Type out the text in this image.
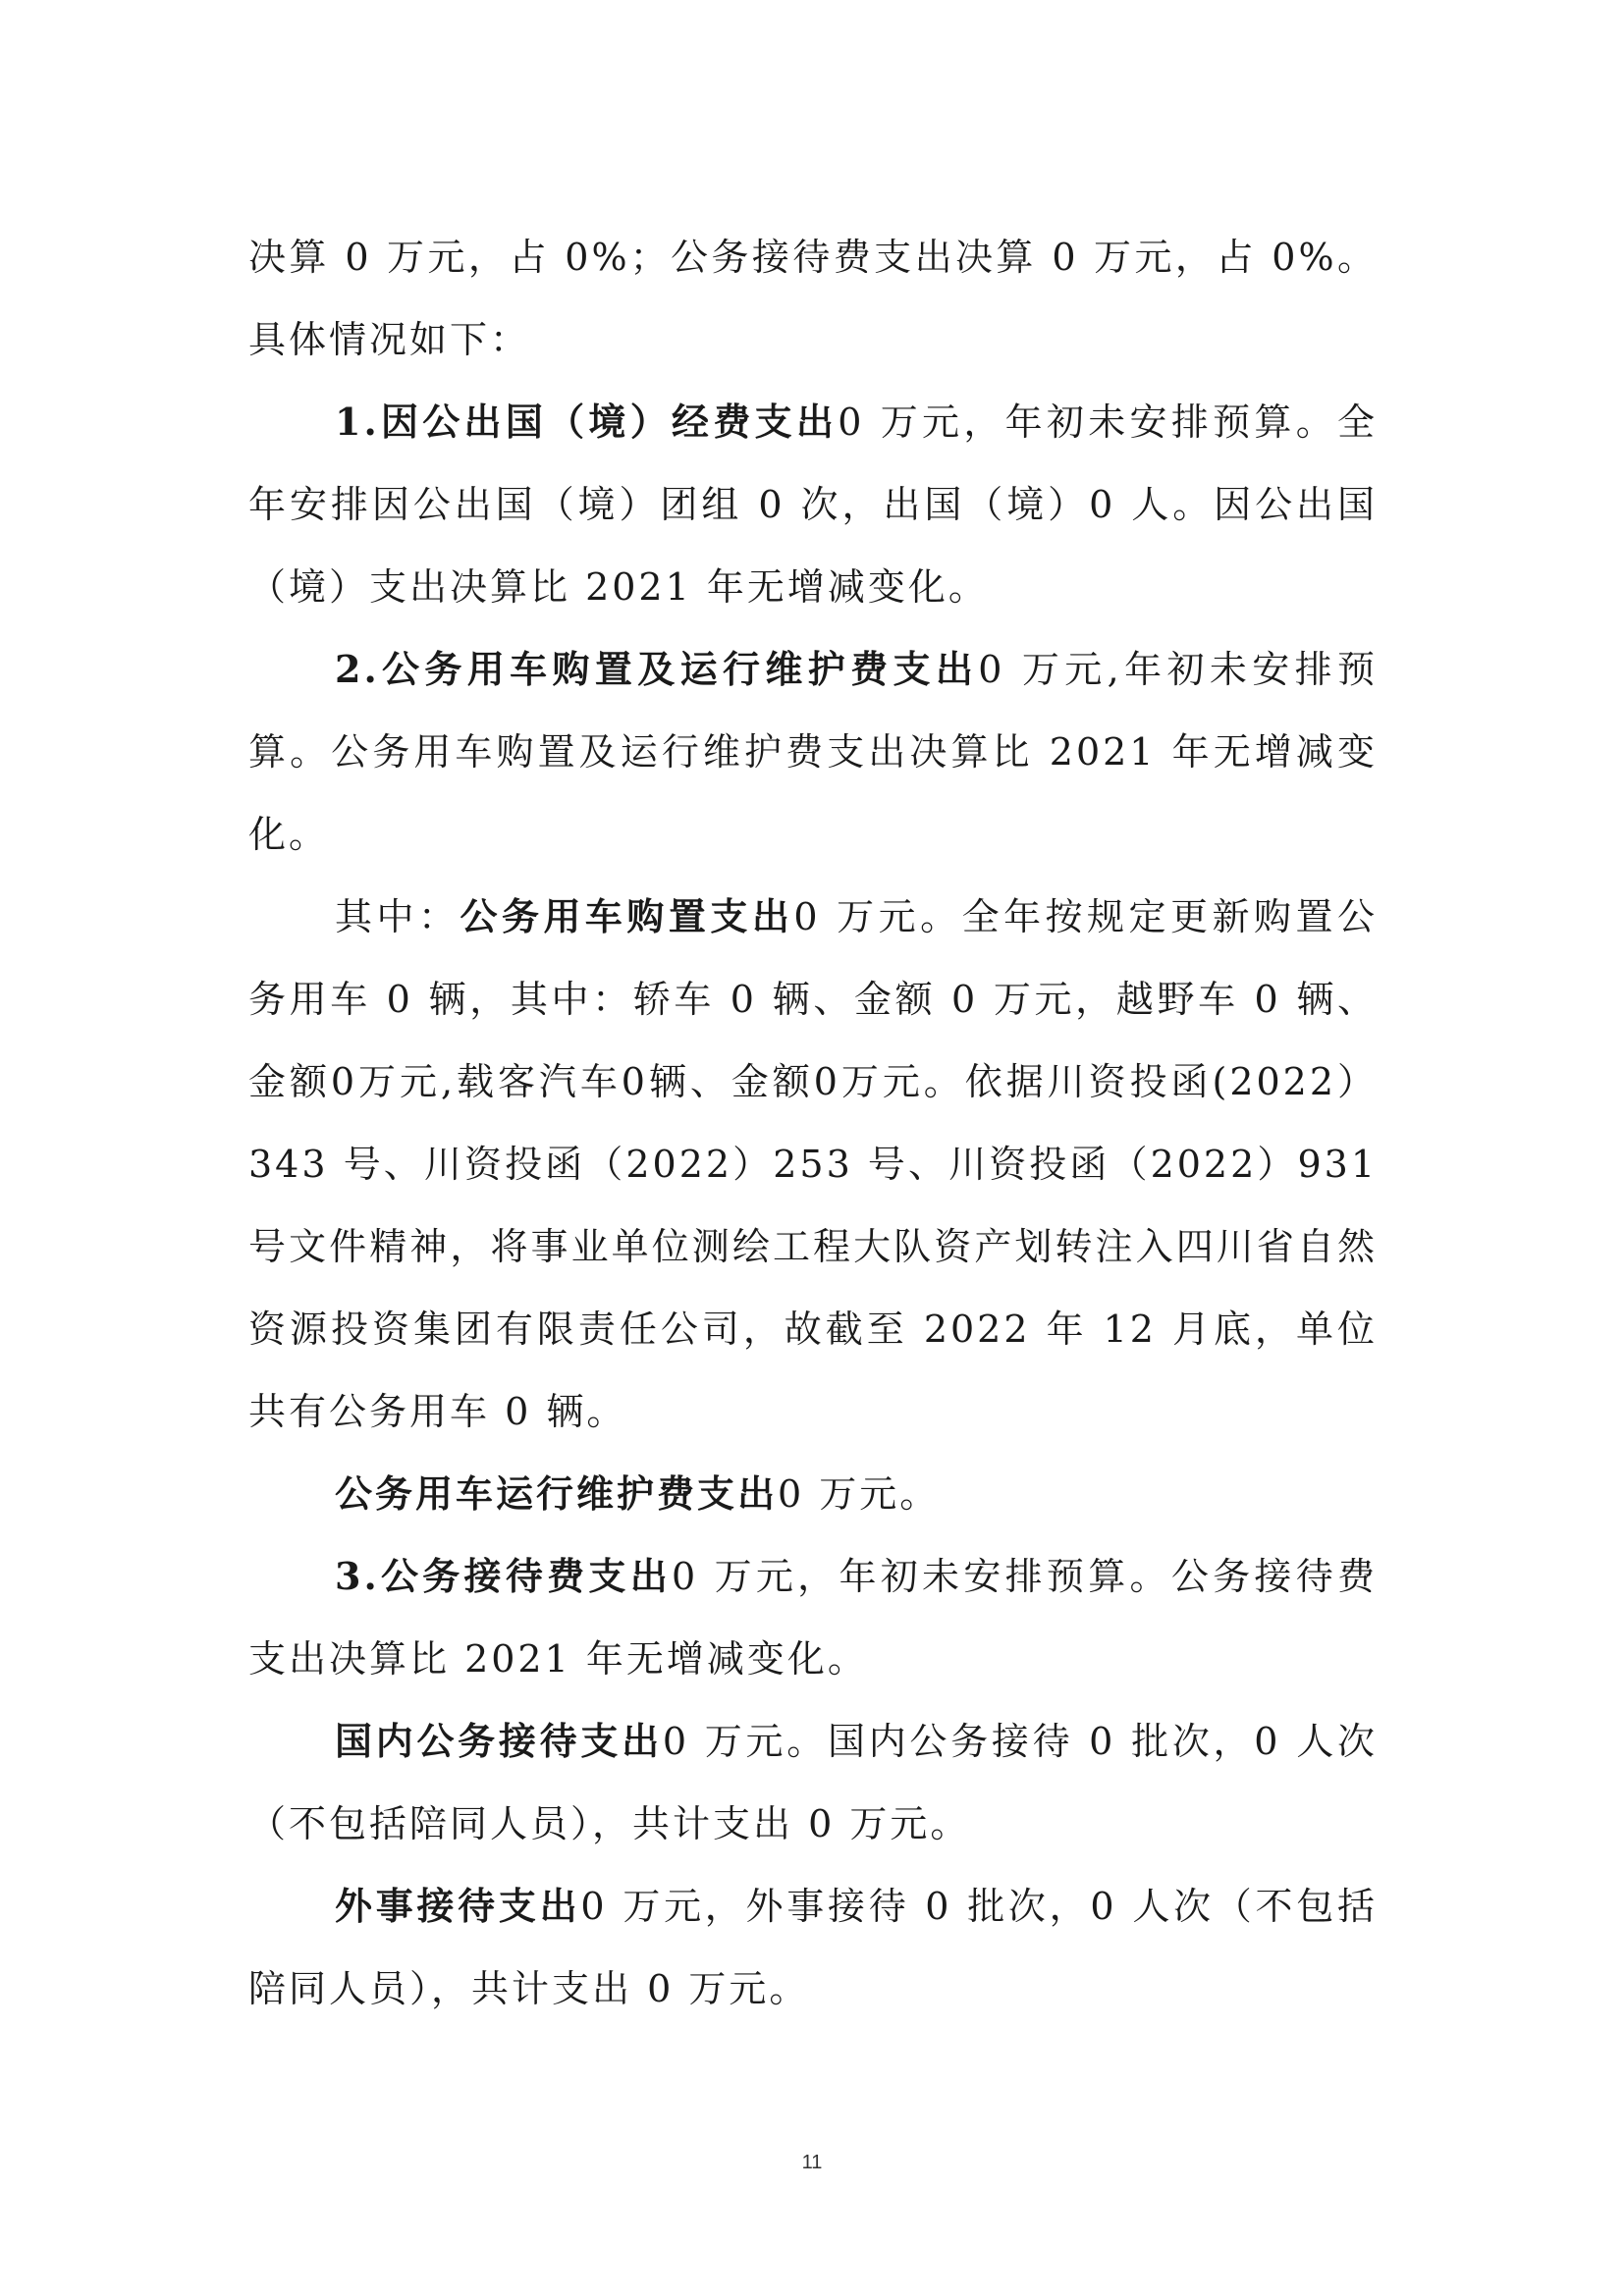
决算 0 万元，占 0%；公务接待费支出决算 0 万元，占 0%。具体情况如下：

1.因公出国（境）经费支出0 万元，年初未安排预算。全年安排因公出国（境）团组 0 次，出国（境）0 人。因公出国（境）支出决算比 2021 年无增减变化。

2.公务用车购置及运行维护费支出0 万元,年初未安排预算。公务用车购置及运行维护费支出决算比 2021 年无增减变化。

其中：公务用车购置支出0 万元。全年按规定更新购置公务用车 0 辆，其中：轿车 0 辆、金额 0 万元，越野车 0 辆、金额0万元,载客汽车0辆、金额0万元。依据川资投函(2022）343 号、川资投函（2022）253 号、川资投函（2022）931 号文件精神，将事业单位测绘工程大队资产划转注入四川省自然资源投资集团有限责任公司，故截至 2022 年 12 月底，单位共有公务用车 0 辆。

公务用车运行维护费支出0 万元。

3.公务接待费支出0 万元，年初未安排预算。公务接待费支出决算比 2021 年无增减变化。

国内公务接待支出0 万元。国内公务接待 0 批次，0 人次（不包括陪同人员），共计支出 0 万元。

外事接待支出0 万元，外事接待 0 批次，0 人次（不包括陪同人员），共计支出 0 万元。

11
